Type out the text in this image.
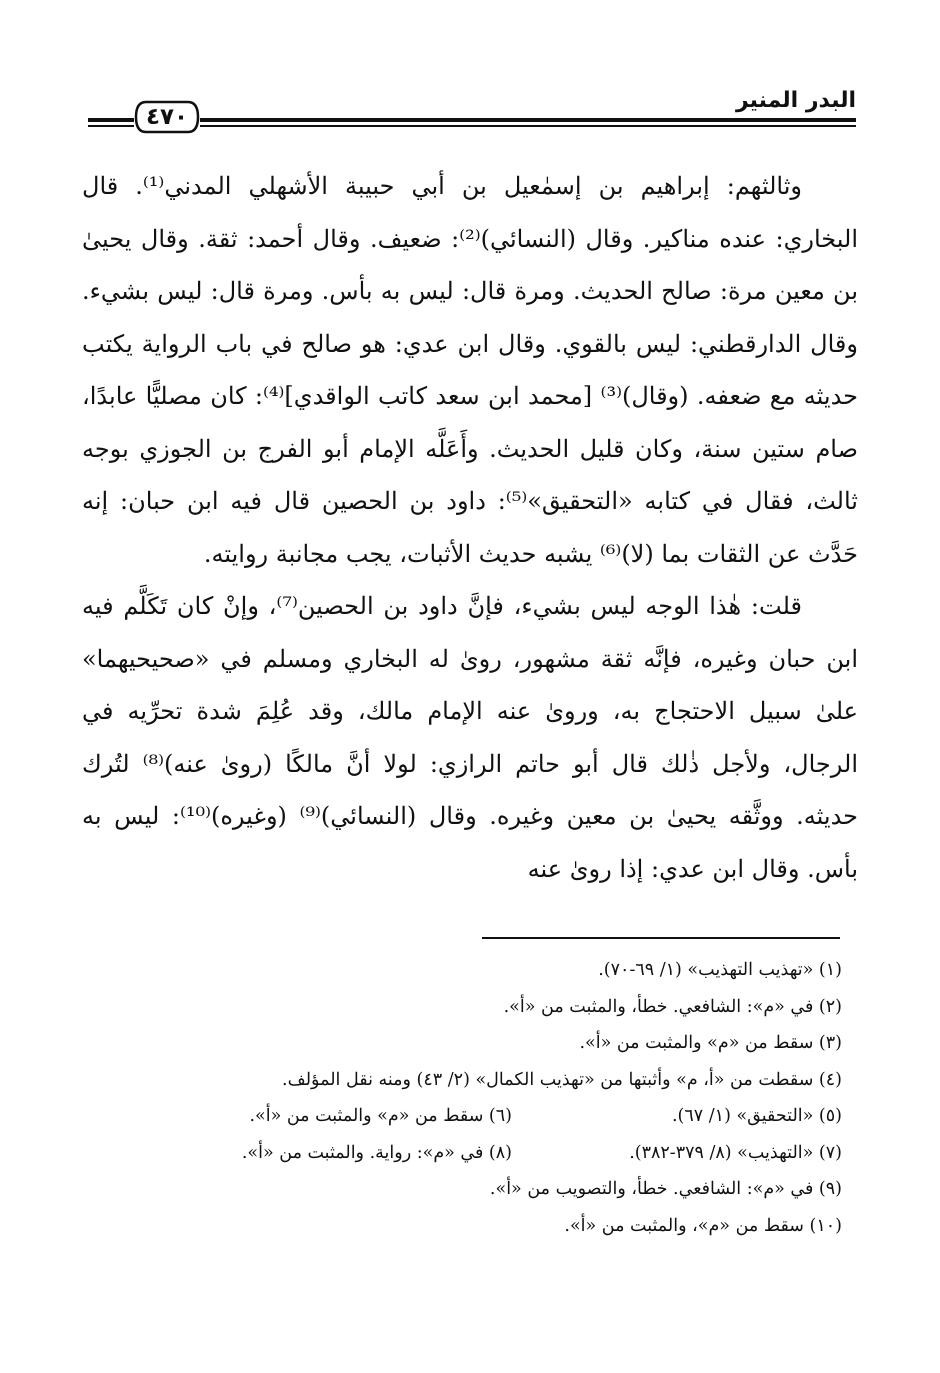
البدر المنير
٤٧٠

وثالثهم: إبراهيم بن إسمٰعيل بن أبي حبيبة الأشهلي المدني⁽¹⁾. قال البخاري: عنده مناكير. وقال (النسائي)⁽²⁾: ضعيف. وقال أحمد: ثقة. وقال يحيىٰ بن معين مرة: صالح الحديث. ومرة قال: ليس به بأس. ومرة قال: ليس بشيء. وقال الدارقطني: ليس بالقوي. وقال ابن عدي: هو صالح في باب الرواية يكتب حديثه مع ضعفه. (وقال)⁽³⁾ [محمد ابن سعد كاتب الواقدي]⁽⁴⁾: كان مصليًّا عابدًا، صام ستين سنة، وكان قليل الحديث. وأَعَلَّه الإمام أبو الفرج بن الجوزي بوجه ثالث، فقال في كتابه «التحقيق»⁽⁵⁾: داود بن الحصين قال فيه ابن حبان: إنه حَدَّث عن الثقات بما (لا)⁽⁶⁾ يشبه حديث الأثبات، يجب مجانبة روايته.

قلت: هٰذا الوجه ليس بشيء، فإنَّ داود بن الحصين⁽⁷⁾، وإنْ كان تَكَلَّم فيه ابن حبان وغيره، فإنَّه ثقة مشهور، روىٰ له البخاري ومسلم في «صحيحيهما» علىٰ سبيل الاحتجاج به، وروىٰ عنه الإمام مالك، وقد عُلِمَ شدة تحرِّيه في الرجال، ولأجل ذٰلك قال أبو حاتم الرازي: لولا أنَّ مالكًا (روىٰ عنه)⁽⁸⁾ لتُرك حديثه. ووثَّقه يحيىٰ بن معين وغيره. وقال (النسائي)⁽⁹⁾ (وغيره)⁽¹⁰⁾: ليس به بأس. وقال ابن عدي: إذا روىٰ عنه

(١) «تهذيب التهذيب» (١/ ٦٩-٧٠).

(٢) في «م»: الشافعي. خطأ، والمثبت من «أ».

(٣) سقط من «م» والمثبت من «أ».

(٤) سقطت من «أ، م» وأثبتها من «تهذيب الكمال» (٢/ ٤٣) ومنه نقل المؤلف.

(٥) «التحقيق» (١/ ٦٧).

(٦) سقط من «م» والمثبت من «أ».

(٧) «التهذيب» (٨/ ٣٧٩-٣٨٢).

(٨) في «م»: رواية. والمثبت من «أ».

(٩) في «م»: الشافعي. خطأ، والتصويب من «أ».

(١٠) سقط من «م»، والمثبت من «أ».
